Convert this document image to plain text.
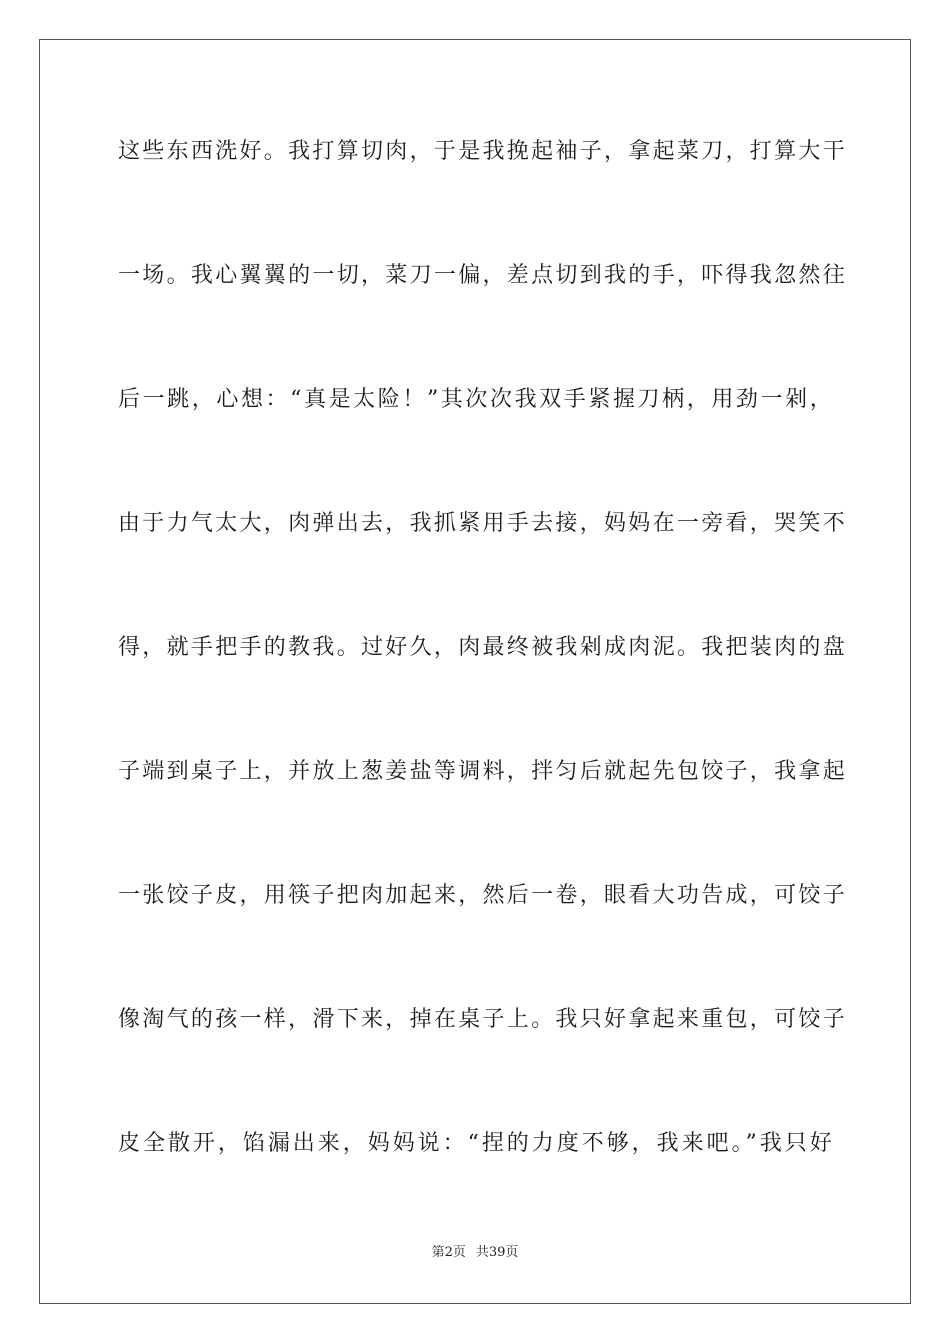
这些东西洗好。我打算切肉，于是我挽起袖子，拿起菜刀，打算大干
一场。我心翼翼的一切，菜刀一偏，差点切到我的手，吓得我忽然往
后一跳，心想：“真是太险！”其次次我双手紧握刀柄，用劲一剁，
由于力气太大，肉弹出去，我抓紧用手去接，妈妈在一旁看，哭笑不
得，就手把手的教我。过好久，肉最终被我剁成肉泥。我把装肉的盘
子端到桌子上，并放上葱姜盐等调料，拌匀后就起先包饺子，我拿起
一张饺子皮，用筷子把肉加起来，然后一卷，眼看大功告成，可饺子
像淘气的孩一样，滑下来，掉在桌子上。我只好拿起来重包，可饺子
皮全散开，馅漏出来，妈妈说：“捏的力度不够，我来吧。”我只好
第2页 共39页
